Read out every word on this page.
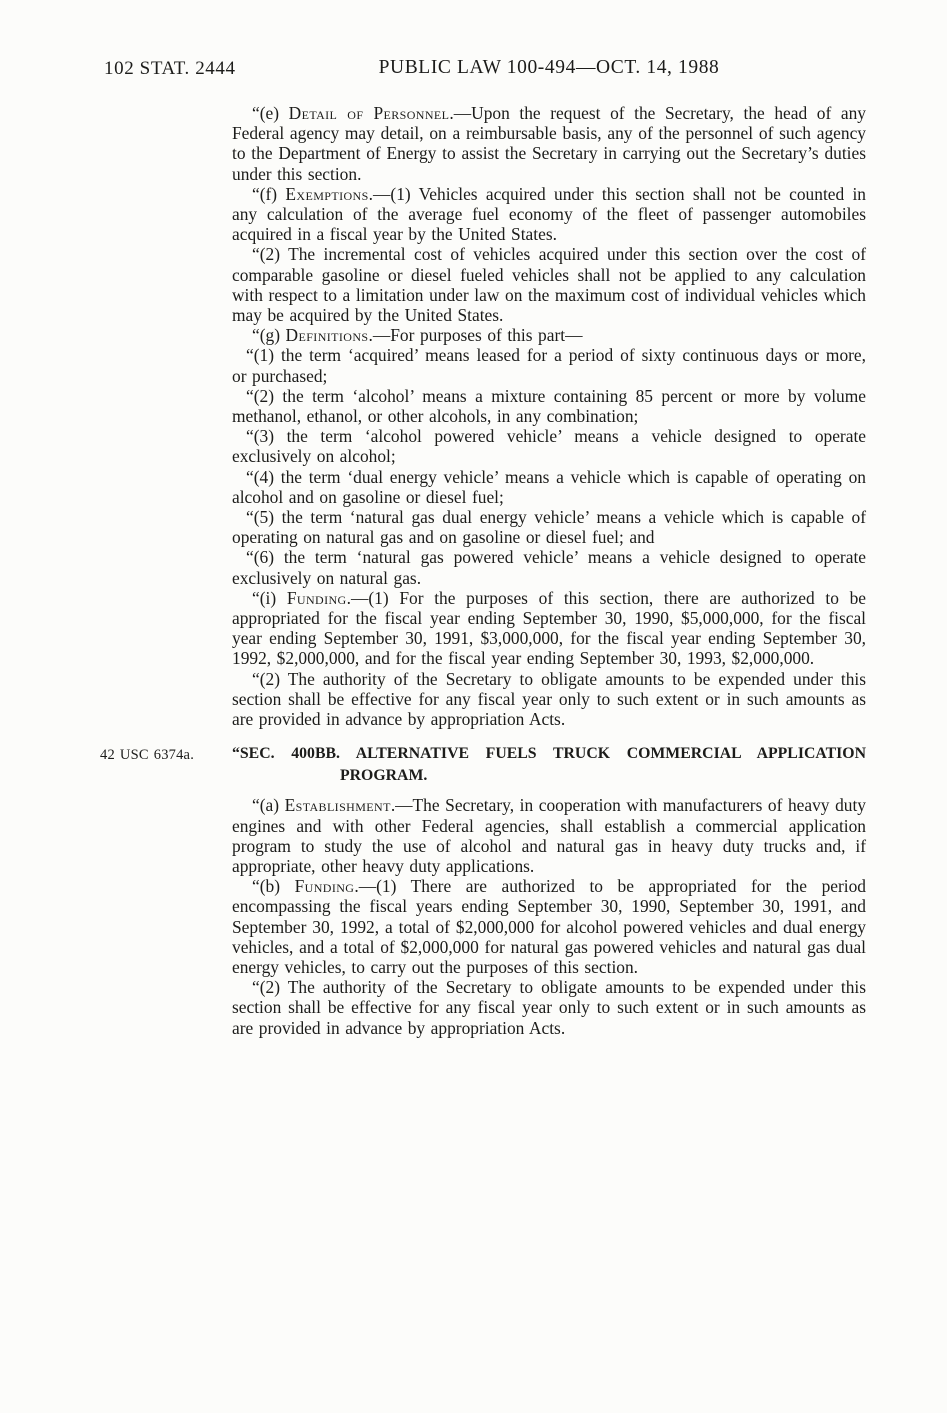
102 STAT. 2444	PUBLIC LAW 100-494—OCT. 14, 1988

“(e) Detail of Personnel.—Upon the request of the Secretary, the head of any Federal agency may detail, on a reimbursable basis, any of the personnel of such agency to the Department of Energy to assist the Secretary in carrying out the Secretary’s duties under this section.

“(f) Exemptions.—(1) Vehicles acquired under this section shall not be counted in any calculation of the average fuel economy of the fleet of passenger automobiles acquired in a fiscal year by the United States.

“(2) The incremental cost of vehicles acquired under this section over the cost of comparable gasoline or diesel fueled vehicles shall not be applied to any calculation with respect to a limitation under law on the maximum cost of individual vehicles which may be acquired by the United States.

“(g) Definitions.—For purposes of this part—

“(1) the term ‘acquired’ means leased for a period of sixty continuous days or more, or purchased;

“(2) the term ‘alcohol’ means a mixture containing 85 percent or more by volume methanol, ethanol, or other alcohols, in any combination;

“(3) the term ‘alcohol powered vehicle’ means a vehicle designed to operate exclusively on alcohol;

“(4) the term ‘dual energy vehicle’ means a vehicle which is capable of operating on alcohol and on gasoline or diesel fuel;

“(5) the term ‘natural gas dual energy vehicle’ means a vehicle which is capable of operating on natural gas and on gasoline or diesel fuel; and

“(6) the term ‘natural gas powered vehicle’ means a vehicle designed to operate exclusively on natural gas.

“(i) Funding.—(1) For the purposes of this section, there are authorized to be appropriated for the fiscal year ending September 30, 1990, $5,000,000, for the fiscal year ending September 30, 1991, $3,000,000, for the fiscal year ending September 30, 1992, $2,000,000, and for the fiscal year ending September 30, 1993, $2,000,000.

“(2) The authority of the Secretary to obligate amounts to be expended under this section shall be effective for any fiscal year only to such extent or in such amounts as are provided in advance by appropriation Acts.

42 USC 6374a. “SEC. 400BB. ALTERNATIVE FUELS TRUCK COMMERCIAL APPLICATION
PROGRAM.

“(a) Establishment.—The Secretary, in cooperation with manufacturers of heavy duty engines and with other Federal agencies, shall establish a commercial application program to study the use of alcohol and natural gas in heavy duty trucks and, if appropriate, other heavy duty applications.

“(b) Funding.—(1) There are authorized to be appropriated for the period encompassing the fiscal years ending September 30, 1990, September 30, 1991, and September 30, 1992, a total of $2,000,000 for alcohol powered vehicles and dual energy vehicles, and a total of $2,000,000 for natural gas powered vehicles and natural gas dual energy vehicles, to carry out the purposes of this section.

“(2) The authority of the Secretary to obligate amounts to be expended under this section shall be effective for any fiscal year only to such extent or in such amounts as are provided in advance by appropriation Acts.
